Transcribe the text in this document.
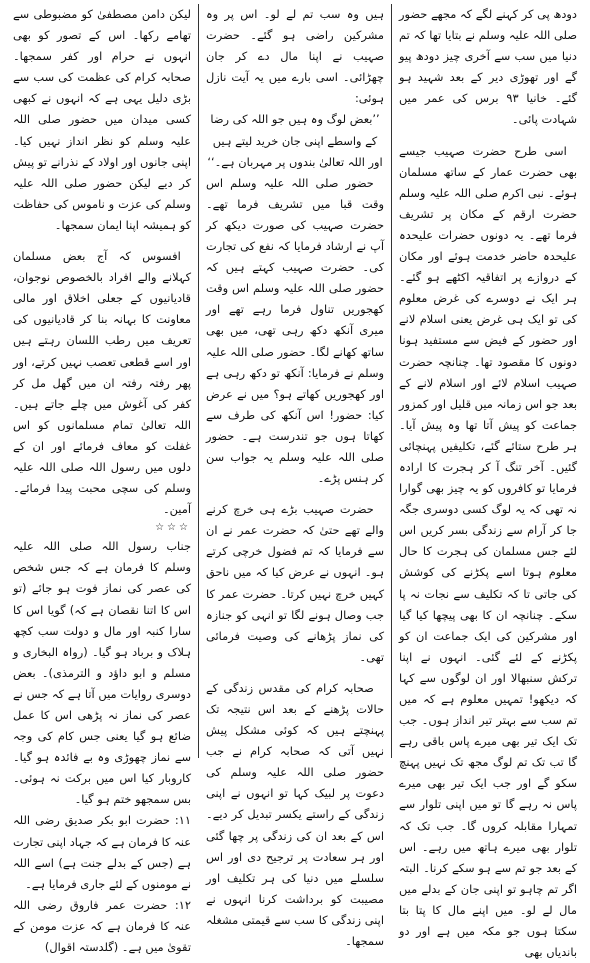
دودھ پی کر کہنے لگے کہ مجھے حضور صلی اللہ علیہ وسلم نے بتایا تھا کہ تم دنیا میں سب سے آخری چیز دودھ پیو گے اور تھوڑی دیر کے بعد شہید ہو گئے۔ خانیا ۹۳ برس کی عمر میں شہادت پائی۔

اسی طرح حضرت صہیب جیسے بھی حضرت عمار کے ساتھ مسلمان ہوئے۔ نبی اکرم صلی اللہ علیہ وسلم حضرت ارقم کے مکان پر تشریف فرما تھے۔ یہ دونوں حضرات علیحدہ علیحدہ حاضر خدمت ہوئے اور مکان کے دروازے پر اتفاقیہ اکٹھے ہو گئے۔ ہر ایک نے دوسرے کی غرض معلوم کی تو ایک ہی غرض یعنی اسلام لانے اور حضور کے فیض سے مستفید ہونا دونوں کا مقصود تھا۔ چنانچہ حضرت صہیب اسلام لائے اور اسلام لانے کے بعد جو اس زمانہ میں قلیل اور کمزور جماعت کو پیش آتا تھا وہ پیش آیا۔ ہر طرح ستائے گئے، تکلیفیں پہنچائی گئیں۔ آخر تنگ آ کر ہجرت کا ارادہ فرمایا تو کافروں کو یہ چیز بھی گوارا نہ تھی کہ یہ لوگ کسی دوسری جگہ جا کر آرام سے زندگی بسر کریں اس لئے جس مسلمان کی ہجرت کا حال معلوم ہوتا اسے پکڑنے کی کوشش کی جاتی تا کہ تکلیف سے نجات نہ پا سکے۔ چنانچہ ان کا بھی پیچھا کیا گیا اور مشرکین کی ایک جماعت ان کو پکڑنے کے لئے گئی۔ انہوں نے اپنا ترکش سنبھالا اور ان لوگوں سے کہا کہ دیکھو! تمہیں معلوم ہے کہ میں تم سب سے بہتر تیر انداز ہوں۔ جب تک ایک تیر بھی میرے پاس باقی رہے گا تب تک تم لوگ مجھ تک نہیں پہنچ سکو گے اور جب ایک تیر بھی میرے پاس نہ رہے گا تو میں اپنی تلوار سے تمہارا مقابلہ کروں گا۔ جب تک کہ تلوار بھی میرے ہاتھ میں رہے۔ اس کے بعد جو تم سے ہو سکے کرنا۔ البتہ اگر تم چاہو تو اپنی جان کے بدلے میں مال لے لو۔ میں اپنے مال کا پتا بتا سکتا ہوں جو مکہ میں ہے اور دو باندیاں بھی

ہیں وہ سب تم لے لو۔ اس پر وہ مشرکین راضی ہو گئے۔ حضرت صہیب نے اپنا مال دے کر جان چھڑائی۔ اسی بارے میں یہ آیت نازل ہوئی:

’’بعض لوگ وہ ہیں جو اللہ کی رضا کے واسطے اپنی جان خرید لیتے ہیں اور اللہ تعالیٰ بندوں پر مہربان ہے۔‘‘

حضور صلی اللہ علیہ وسلم اس وقت قبا میں تشریف فرما تھے۔ حضرت صہیب کی صورت دیکھ کر آپ نے ارشاد فرمایا کہ نفع کی تجارت کی۔ حضرت صہیب کہتے ہیں کہ حضور صلی اللہ علیہ وسلم اس وقت کھجوریں تناول فرما رہے تھے اور میری آنکھ دکھ رہی تھی، میں بھی ساتھ کھانے لگا۔ حضور صلی اللہ علیہ وسلم نے فرمایا: آنکھ تو دکھ رہی ہے اور کھجوریں کھاتے ہو؟ میں نے عرض کیا: حضور! اس آنکھ کی طرف سے کھاتا ہوں جو تندرست ہے۔ حضور صلی اللہ علیہ وسلم یہ جواب سن کر ہنس پڑے۔

حضرت صہیب بڑے ہی خرچ کرنے والے تھے حتیٰ کہ حضرت عمر نے ان سے فرمایا کہ تم فضول خرچی کرتے ہو۔ انہوں نے عرض کیا کہ میں ناحق کہیں خرچ نہیں کرتا۔ حضرت عمر کا جب وصال ہونے لگا تو انہی کو جنازہ کی نماز پڑھانے کی وصیت فرمائی تھی۔

صحابہ کرام کی مقدس زندگی کے حالات پڑھنے کے بعد اس نتیجہ تک پہنچتے ہیں کہ کوئی مشکل پیش نہیں آتی کہ صحابہ کرام نے جب حضور صلی اللہ علیہ وسلم کی دعوت پر لبیک کہا تو انہوں نے اپنی زندگی کے راستے یکسر تبدیل کر دیے۔ اس کے بعد ان کی زندگی پر چھا گئی اور ہر سعادت پر ترجیح دی اور اس سلسلے میں دنیا کی ہر تکلیف اور مصیبت کو برداشت کرنا انہوں نے اپنی زندگی کا سب سے قیمتی مشغلہ سمجھا۔

لیکن دامن مصطفیٰ کو مضبوطی سے تھامے رکھا۔ اس کے تصور کو بھی انہوں نے حرام اور کفر سمجھا۔ صحابہ کرام کی عظمت کی سب سے بڑی دلیل یہی ہے کہ انہوں نے کبھی کسی میدان میں حضور صلی اللہ علیہ وسلم کو نظر انداز نہیں کیا۔ اپنی جانوں اور اولاد کے نذرانے تو پیش کر دیے لیکن حضور صلی اللہ علیہ وسلم کی عزت و ناموس کی حفاظت کو ہمیشہ اپنا ایمان سمجھا۔

افسوس کہ آج بعض مسلمان کہلانے والے افراد بالخصوص نوجوان، قادیانیوں کے جعلی اخلاق اور مالی معاونت کا بہانہ بنا کر قادیانیوں کی تعریف میں رطب اللسان رہتے ہیں اور اسے قطعی تعصب نہیں کرتے، اور پھر رفتہ رفتہ ان میں گھل مل کر کفر کی آغوش میں چلے جاتے ہیں۔ اللہ تعالیٰ تمام مسلمانوں کو اس غفلت کو معاف فرمائے اور ان کے دلوں میں رسول اللہ صلی اللہ علیہ وسلم کی سچی محبت پیدا فرمائے۔ آمین۔

☆☆☆

جناب رسول اللہ صلی اللہ علیہ وسلم کا فرمان ہے کہ جس شخص کی عصر کی نماز فوت ہو جائے (تو اس کا اتنا نقصان ہے کہ) گویا اس کا سارا کنبہ اور مال و دولت سب کچھ ہلاک و برباد ہو گیا۔ (رواہ البخاری و مسلم و ابو داؤد و الترمذی)۔ بعض دوسری روایات میں آتا ہے کہ جس نے عصر کی نماز نہ پڑھی اس کا عمل ضائع ہو گیا یعنی جس کام کی وجہ سے نماز چھوڑی وہ بے فائدہ ہو گیا۔ کاروبار کیا اس میں برکت نہ ہوئی۔ بس سمجھو ختم ہو گیا۔

۱۱: حضرت ابو بکر صدیق رضی اللہ عنہ کا فرمان ہے کہ جہاد اپنی تجارت ہے (جس کے بدلے جنت ہے) اسے اللہ نے مومنوں کے لئے جاری فرمایا ہے۔

۱۲: حضرت عمر فاروق رضی اللہ عنہ کا فرمان ہے کہ عزت مومن کے تقویٰ میں ہے۔ (گلدستہ اقوال)
